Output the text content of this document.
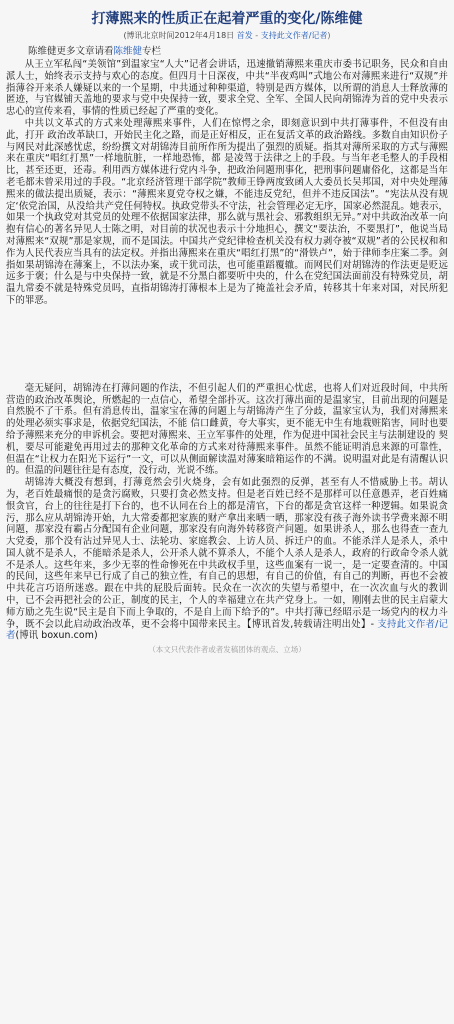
打薄熙来的性质正在起着严重的变化/陈维健
(博讯北京时间2012年4月18日 首发 - 支持此文作者/记者)
陈维健更多文章请看陈维健专栏

从王立军私闯“美领馆”到温家宝“人大”记者会讲话，迅速撤销薄熙来重庆市委书记职务，民众和自由派人士，始终表示支持与欢心的态度。但四月十日深夜，中共“半夜鸡叫”式地公布对薄熙来进行“双规”并指薄谷开来杀人嫌疑以来的一个星期，中共通过种种渠道，特别是西方媒体，以所谓的消息人士释放薄的匿迹，与官媒铺天盖地的要求与党中央保持一致，要求全党、全军、全国人民向胡锦涛为首的党中央表示忠心的宣传来看，事情的性质已经起了严重的变化。

中共以文革式的方式来处理薄熙来事件，人们在惊愕之余，即刻意识到中共打薄事件，不但没有由此，打开 政治改革缺口，开始民主化之路，而是正好相反，正在复活文革的政治路线。多数自由知识份子与网民对此深感忧虑，纷纷撰文对胡锦涛目前所作所为提出了强烈的质疑。指其对薄所采取的方式与薄熙来在重庆“唱红打黑”一样地肮脏，一样地恐怖，都 是凌驾于法律之上的手段。与当年老毛整人的手段相比，甚至还更，还毒。利用西方媒体进行党内斗争，把政治问题刑事化，把刑事问题庸俗化，这都是当年老毛都未曾采用过的手段。“北京经济管理干部学院”教师王铮两度致函人大委员长吴邦国，对中央处理薄熙来的做法提出质疑，表示：“薄熙来夏党夺权之嫌，不能违反党纪，但并不违反国法”。“宪法从没有规定‘依党治国，从没给共产党任何特权。执政党带头不守法，社会管理必定无序，国家必然混乱。她表示，如果一个执政党对其党员的处理不依据国家法律，那么就与黑社会、邪教组织无异。”对中共政治改革一向抱有信心的著名异见人士陈之明，对目前的状况也表示十分地担心，撰文“要法治，不要黑打”，他说当局对薄熙来“双规”那是家规，而不是国法。中国共产党纪律检查机关没有权力剥夺被“双规”者的公民权和和作为人民代表应当具有的法定权。并指出薄熙来在重庆“唱红打黑”的“滑铁卢”，始于律师李庄案二季。剑指如果胡锦涛在薄案上，不以法办案，或干犹司法，也可能重蹈覆辙。而网民们对胡锦涛的作法更是贬远远多于褒；什么是与中央保持一致，就是不分黑白都要听中央的，什么在党纪国法面前没有特殊党员，胡温九常委不就是特殊党员吗，直指胡锦涛打薄根本上是为了掩盖社会矛盾，转移其十年来对国，对民所犯下的罪恶。

毫无疑问，胡锦涛在打薄问题的作法，不但引起人们的严重担心忧虑，也将人们对近段时间，中共所营造的政治改革舆论，所燃起的一点信心，希望全部扑灭。这次打薄出面的是温家宝，目前出现的问题是自然脱不了干系。但有消息传出，温家宝在薄的问题上与胡锦涛产生了分歧，温家宝认为，我们对薄熙来的处理必须实事求是，依据党纪国法，不能 信口雌黄，夸大事实，更不能无中生有地栽赃陷害，同时也要给予薄熙来充分的申诉机会。要把对薄熙来、王立军事件的处理，作为促进中国社会民主与法制建设的 契机，要尽可能避免再用过去的那种文化革命的方式来对待薄熙来事件。虽然不能证明消息来源的可靠性，但温在“让权力在阳光下运行”一文，可以从侧面解读温对薄案暗箱运作的不满。说明温对此是有清醒认识的。但温的问题往往是有态度，没行动，光说不练。

胡锦涛大概没有想到，打薄竟然会引火烧身，会有如此强烈的反弹，甚至有人不惜威胁上书。胡认为，老百姓最痛恨的是贪污腐败，只要打贪必然支持。但是老百姓已经不是那样可以任意愚弄，老百姓痛恨贪官，台上的往往是打下台的，也不认同在台上的都是清官，下台的都是贪官这样一种逻辑。如果说贪污，那么应从胡锦涛开始，九大常委都把家族的财产拿出来晒一晒，那家没有孩子海外读书学费来源不明问题，那家没有霸占分配国有企业问题，那家没有向海外转移资产问题。如果讲杀人，那么也得查一查九大党委，那个没有沾过异见人士、法轮功、家庭教会、上访人员、拆迁户的血。不能杀洋人是杀人，杀中国人就不是杀人，不能暗杀是杀人，公开杀人就不算杀人，不能个人杀人是杀人，政府的行政命令杀人就不是杀人。这些年来，多少无辜的性命惨死在中共政权手里，这些血案有一说一，是一定要查清的。中国的民间，这些年来早已行成了自己的独立性，有自己的思想，有自己的价值，有自己的判断，再也不会被中共花言巧语所迷惑。跟在中共的屁股后面转。民众在一次次的失望与希望中，在一次次血与火的教训中，已不会再把社会的公正，制度的民主，个人的幸福建立在共产党身上。一如，刚刚去世的民主启蒙大师方励之先生说“民主是自下而上争取的，不是自上而下给予的”。中共打薄已经昭示是一场党内的权力斗争，既不会以此启动政治改革，更不会将中国带来民主。【博讯首发,转载请注明出处】- 支持此文作者/记者(博讯 boxun.com)

（本文只代表作者或者发稿团体的观点、立场）
